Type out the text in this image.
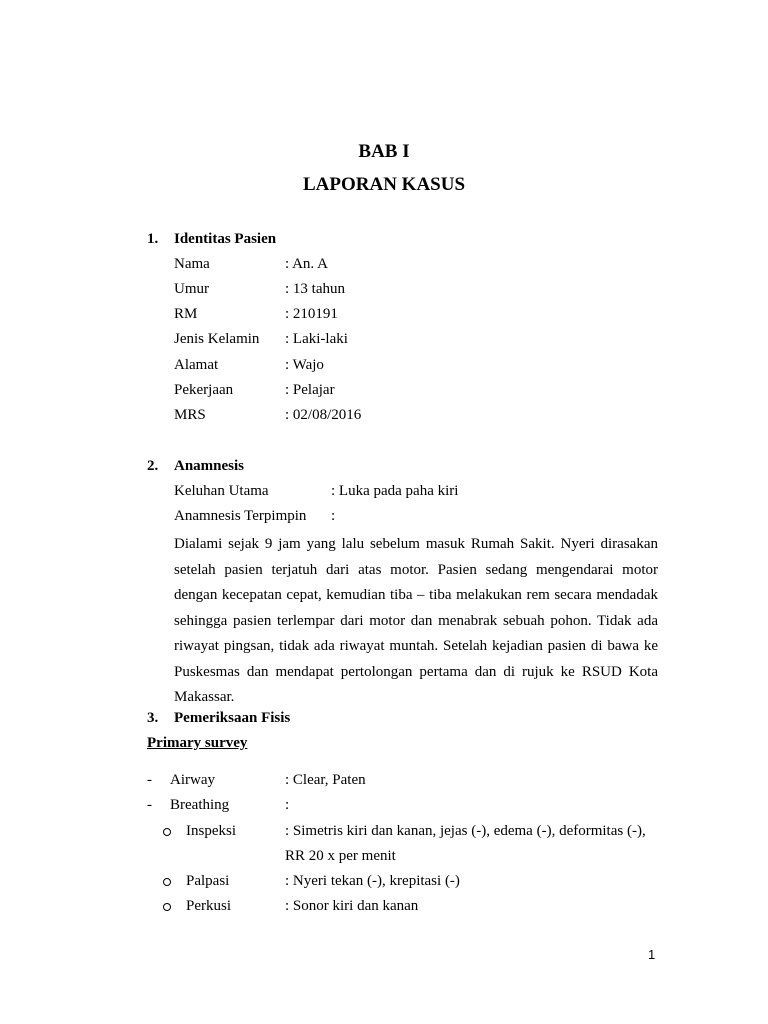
BAB I
LAPORAN KASUS
1. Identitas Pasien
Nama	: An. A
Umur	: 13 tahun
RM	: 210191
Jenis Kelamin : Laki-laki
Alamat	: Wajo
Pekerjaan	: Pelajar
MRS	: 02/08/2016
2. Anamnesis
Keluhan Utama	: Luka pada paha kiri
Anamnesis Terpimpin :

Dialami sejak 9 jam yang lalu sebelum masuk Rumah Sakit. Nyeri dirasakan setelah pasien terjatuh dari atas motor. Pasien sedang mengendarai motor dengan kecepatan cepat, kemudian tiba – tiba melakukan rem secara mendadak sehingga pasien terlempar dari motor dan menabrak sebuah pohon. Tidak ada riwayat pingsan, tidak ada riwayat muntah. Setelah kejadian pasien di bawa ke Puskesmas dan mendapat pertolongan pertama dan di rujuk ke RSUD Kota Makassar.

3. Pemeriksaan Fisis
Primary survey
- Airway	: Clear, Paten
- Breathing	:
Inspeksi	: Simetris kiri dan kanan, jejas (-), edema (-), deformitas (-),
RR 20 x per menit
Palpasi	: Nyeri tekan (-), krepitasi (-)
Perkusi	: Sonor kiri dan kanan
1
